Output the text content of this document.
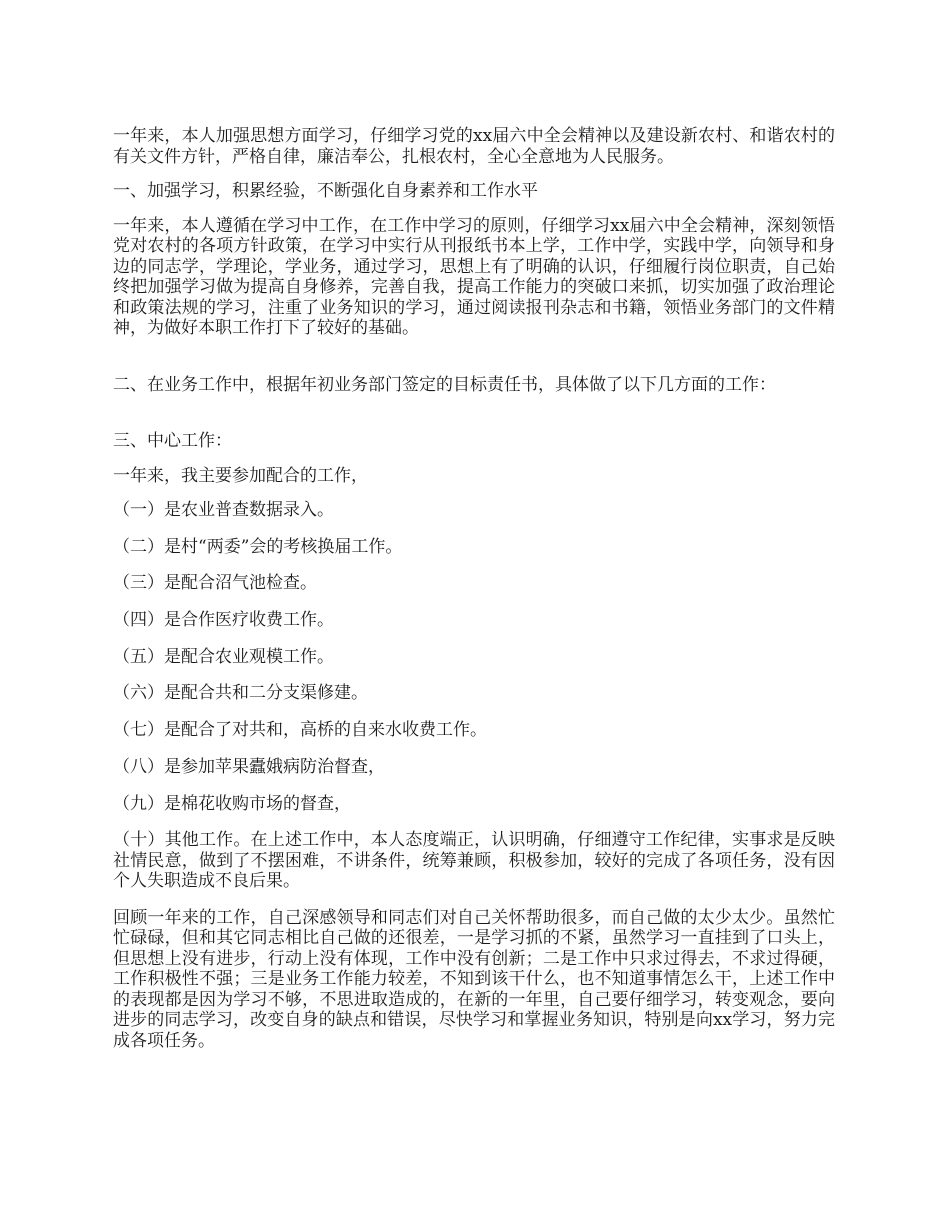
一年来，本人加强思想方面学习，仔细学习党的xx届六中全会精神以及建设新农村、和谐农村的有关文件方针，严格自律，廉洁奉公，扎根农村，全心全意地为人民服务。

一、加强学习，积累经验，不断强化自身素养和工作水平

一年来，本人遵循在学习中工作，在工作中学习的原则，仔细学习xx届六中全会精神，深刻领悟党对农村的各项方针政策，在学习中实行从刊报纸书本上学，工作中学，实践中学，向领导和身边的同志学，学理论，学业务，通过学习，思想上有了明确的认识，仔细履行岗位职责，自己始终把加强学习做为提高自身修养，完善自我，提高工作能力的突破口来抓，切实加强了政治理论和政策法规的学习，注重了业务知识的学习，通过阅读报刊杂志和书籍，领悟业务部门的文件精神，为做好本职工作打下了较好的基础。

二、在业务工作中，根据年初业务部门签定的目标责任书，具体做了以下几方面的工作：

三、中心工作：

一年来，我主要参加配合的工作，

（一）是农业普查数据录入。
（二）是村“两委”会的考核换届工作。
（三）是配合沼气池检查。
（四）是合作医疗收费工作。
（五）是配合农业观模工作。
（六）是配合共和二分支渠修建。
（七）是配合了对共和，高桥的自来水收费工作。
（八）是参加苹果蠹娥病防治督查，
（九）是棉花收购市场的督查，
（十）其他工作。在上述工作中，本人态度端正，认识明确，仔细遵守工作纪律，实事求是反映社情民意，做到了不摆困难，不讲条件，统筹兼顾，积极参加，较好的完成了各项任务，没有因个人失职造成不良后果。

回顾一年来的工作，自己深感领导和同志们对自己关怀帮助很多，而自己做的太少太少。虽然忙忙碌碌，但和其它同志相比自己做的还很差，一是学习抓的不紧，虽然学习一直挂到了口头上，但思想上没有进步，行动上没有体现，工作中没有创新；二是工作中只求过得去，不求过得硬，工作积极性不强；三是业务工作能力较差，不知到该干什么，也不知道事情怎么干，上述工作中的表现都是因为学习不够，不思进取造成的，在新的一年里，自己要仔细学习，转变观念，要向进步的同志学习，改变自身的缺点和错误，尽快学习和掌握业务知识，特别是向xx学习，努力完成各项任务。
